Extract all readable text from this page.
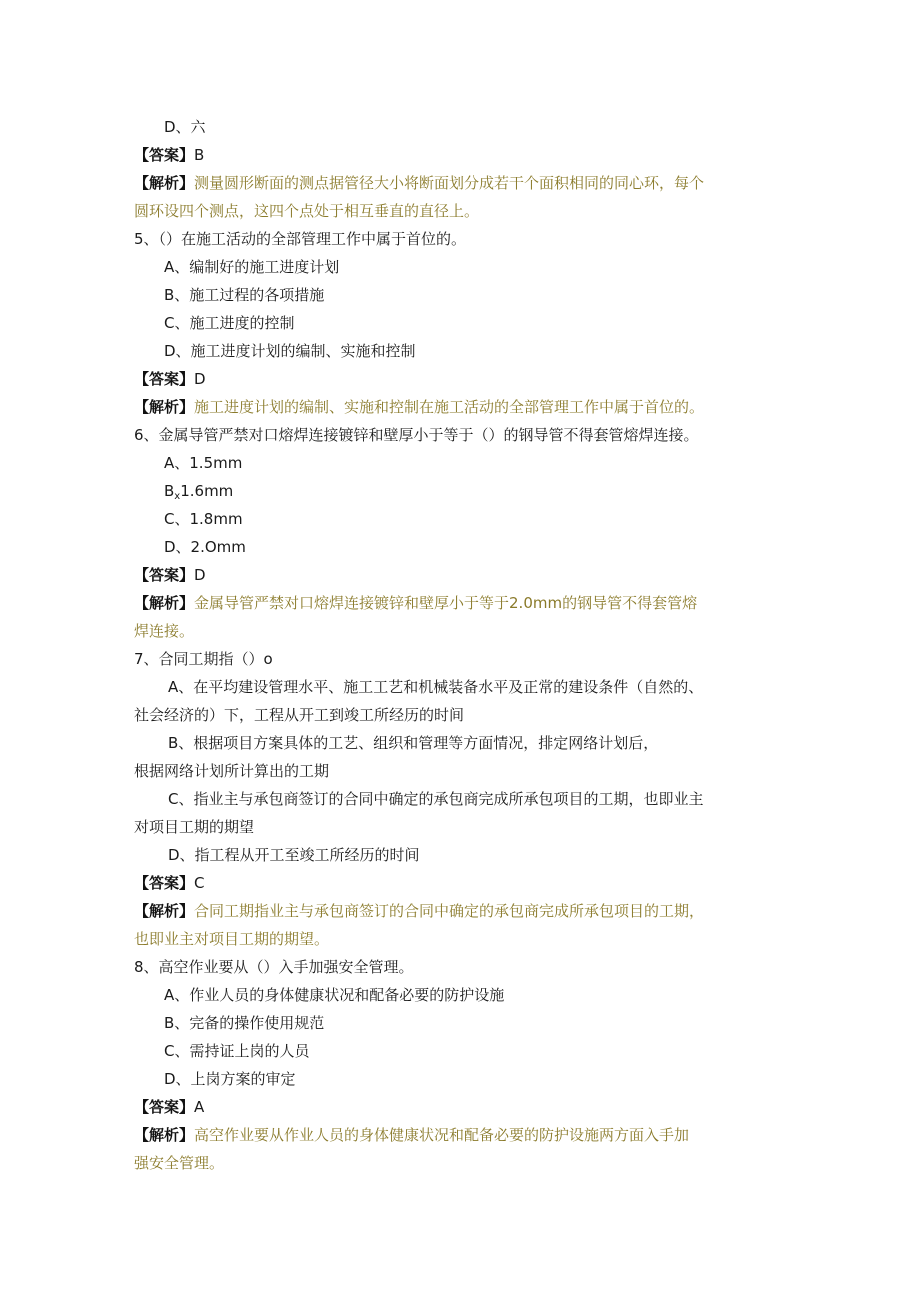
D、六
【答案】B
【解析】测量圆形断面的测点据管径大小将断面划分成若干个面积相同的同心环，每个
圆环设四个测点，这四个点处于相互垂直的直径上。
5、（）在施工活动的全部管理工作中属于首位的。
A、编制好的施工进度计划
B、施工过程的各项措施
C、施工进度的控制
D、施工进度计划的编制、实施和控制
【答案】D
【解析】施工进度计划的编制、实施和控制在施工活动的全部管理工作中属于首位的。
6、金属导管严禁对口熔焊连接镀锌和壁厚小于等于（）的钢导管不得套管熔焊连接。
A、1.5mm
$B_x1.6mm$
C、1.8mm
D、2.Omm
【答案】D
【解析】金属导管严禁对口熔焊连接镀锌和壁厚小于等于2.0mm的钢导管不得套管熔
焊连接。
7、合同工期指（）o
A、在平均建设管理水平、施工工艺和机械装备水平及正常的建设条件（自然的、
社会经济的）下，工程从开工到竣工所经历的时间
B、根据项目方案具体的工艺、组织和管理等方面情况，排定网络计划后，
根据网络计划所计算出的工期
C、指业主与承包商签订的合同中确定的承包商完成所承包项目的工期，也即业主
对项目工期的期望
D、指工程从开工至竣工所经历的时间
【答案】C
【解析】合同工期指业主与承包商签订的合同中确定的承包商完成所承包项目的工期，
也即业主对项目工期的期望。
8、高空作业要从（）入手加强安全管理。
A、作业人员的身体健康状况和配备必要的防护设施
B、完备的操作使用规范
C、需持证上岗的人员
D、上岗方案的审定
【答案】A
【解析】高空作业要从作业人员的身体健康状况和配备必要的防护设施两方面入手加
强安全管理。
